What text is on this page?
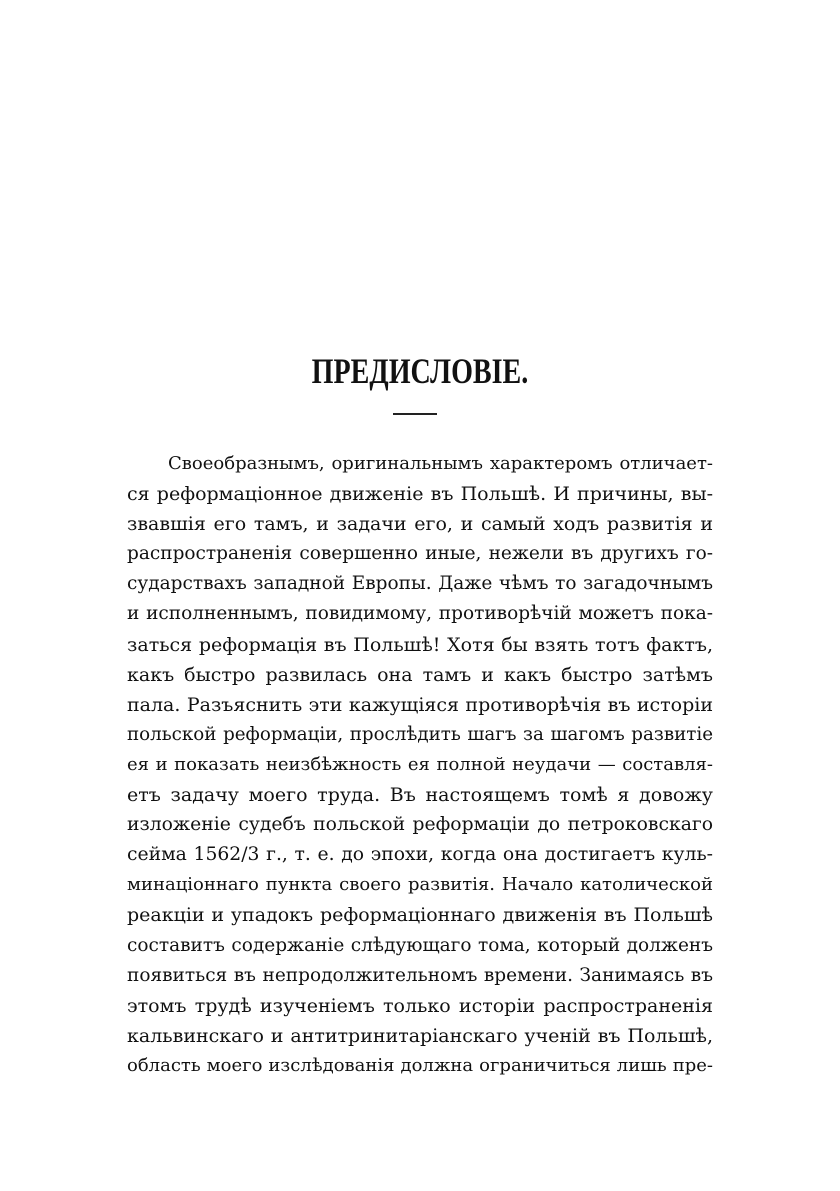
ПРЕДИСЛОВІЕ.
Своеобразнымъ, оригинальнымъ характеромъ отличает-
ся реформаціонное движеніе въ Польшѣ. И причины, вы-
звавшія его тамъ, и задачи его, и самый ходъ развитія и
распространенія совершенно иные, нежели въ другихъ го-
сударствахъ западной Европы. Даже чѣмъ то загадочнымъ
и исполненнымъ, повидимому, противорѣчій можетъ пока-
заться реформація въ Польшѣ! Хотя бы взять тотъ фактъ,
какъ быстро развилась она тамъ и какъ быстро затѣмъ
пала. Разъяснить эти кажущіяся противорѣчія въ исторіи
польской реформаціи, прослѣдить шагъ за шагомъ развитіе
ея и показать неизбѣжность ея полной неудачи — составля-
етъ задачу моего труда. Въ настоящемъ томѣ я довожу
изложеніе судебъ польской реформаціи до петроковскаго
сейма 1562/3 г., т. е. до эпохи, когда она достигаетъ куль-
минаціоннаго пункта своего развитія. Начало католической
реакціи и упадокъ реформаціоннаго движенія въ Польшѣ
составитъ содержаніе слѣдующаго тома, который долженъ
появиться въ непродолжительномъ времени. Занимаясь въ
этомъ трудѣ изученіемъ только исторіи распространенія
кальвинскаго и антитринитаріанскаго ученій въ Польшѣ,
область моего изслѣдованія должна ограничиться лишь пре-
